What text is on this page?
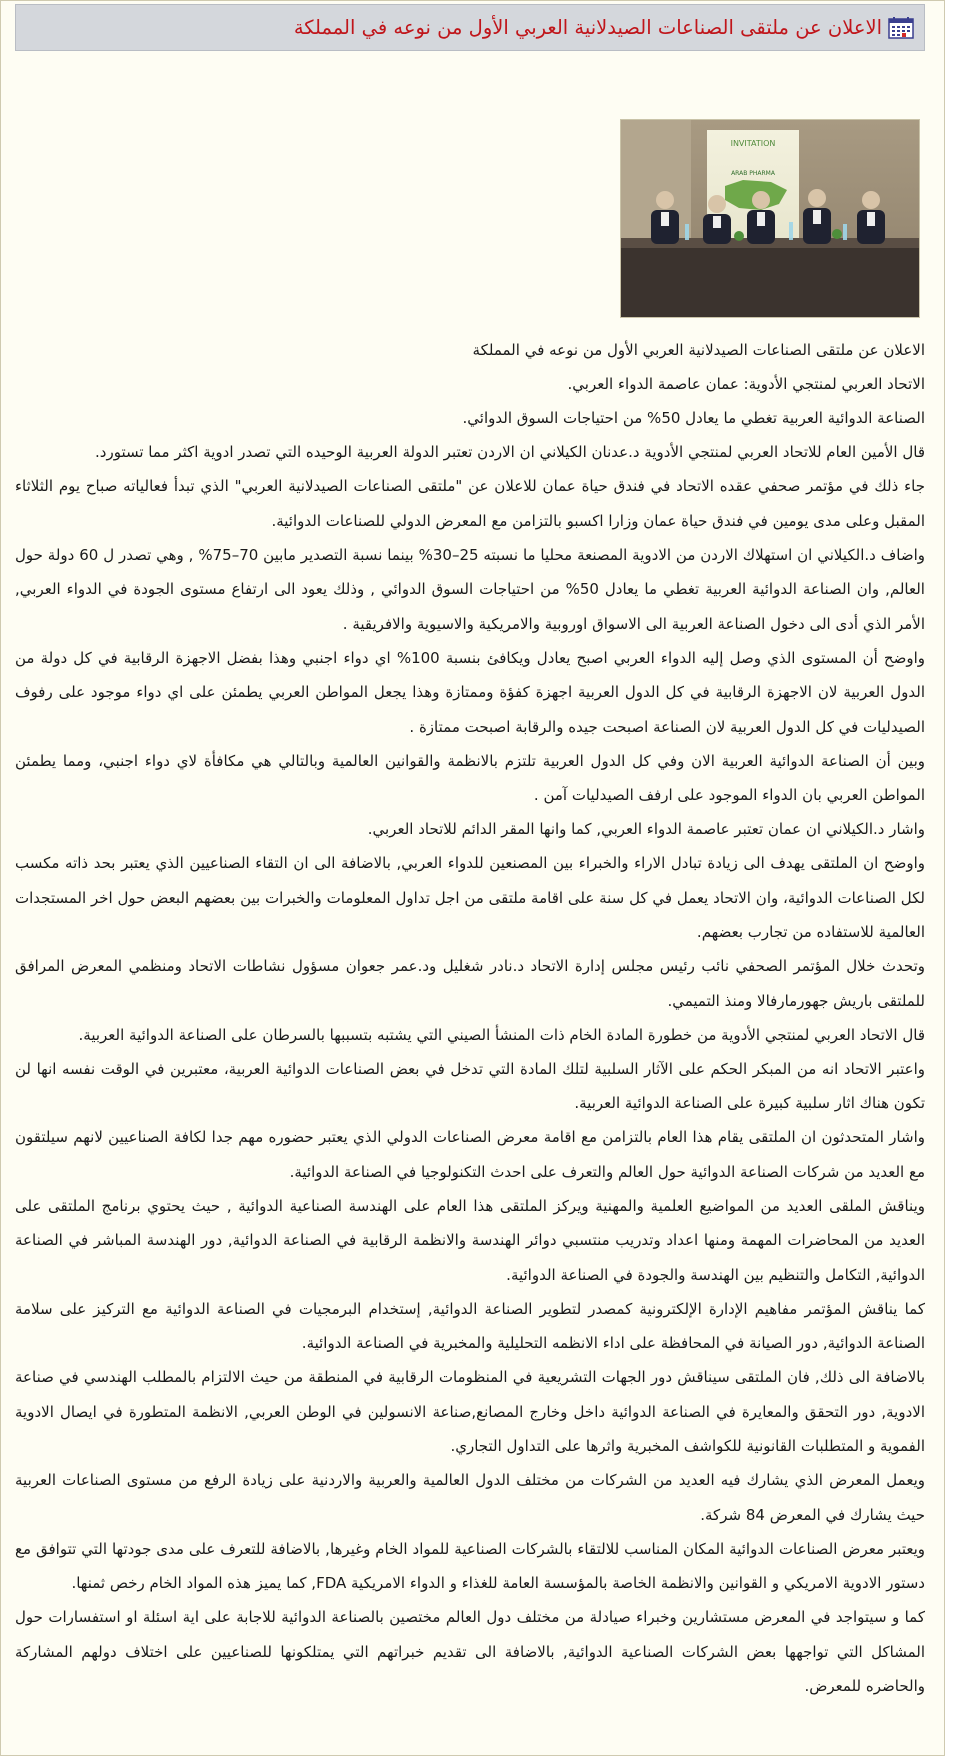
الاعلان عن ملتقى الصناعات الصيدلانية العربي الأول من نوعه في المملكة
INVITATION
ARAB PHARMA

الاعلان عن ملتقى الصناعات الصيدلانية العربي الأول من نوعه في المملكة

الاتحاد العربي لمنتجي الأدوية: عمان عاصمة الدواء العربي.

الصناعة الدوائية العربية تغطي ما يعادل 50% من احتياجات السوق الدوائي.

قال الأمين العام للاتحاد العربي لمنتجي الأدوية د.عدنان الكيلاني ان الاردن تعتبر الدولة العربية الوحيده التي تصدر ادوية اكثر مما تستورد.

جاء ذلك في مؤتمر صحفي عقده الاتحاد في فندق حياة عمان للاعلان عن "ملتقى الصناعات الصيدلانية العربي" الذي تبدأ فعالياته صباح يوم الثلاثاء المقبل وعلى مدى يومين في فندق حياة عمان وزارا اكسبو بالتزامن مع المعرض الدولي للصناعات الدوائية.

واضاف د.الكيلاني ان استهلاك الاردن من الادوية المصنعة محليا ما نسبته 25–30% بينما نسبة التصدير مابين 70–75% , وهي تصدر ل 60 دولة حول العالم, وان الصناعة الدوائية العربية تغطي ما يعادل 50% من احتياجات السوق الدوائي , وذلك يعود الى ارتفاع مستوى الجودة في الدواء العربي, الأمر الذي أدى الى دخول الصناعة العربية الى الاسواق اوروبية والامريكية والاسيوية والافريقية .

واوضح أن المستوى الذي وصل إليه الدواء العربي اصبح يعادل ويكافئ بنسبة 100% اي دواء اجنبي وهذا بفضل الاجهزة الرقابية في كل دولة من الدول العربية لان الاجهزة الرقابية في كل الدول العربية اجهزة كفؤة وممتازة وهذا يجعل المواطن العربي يطمئن على اي دواء موجود على رفوف الصيدليات في كل الدول العربية لان الصناعة اصبحت جيده والرقابة اصبحت ممتازة .

وبين أن الصناعة الدوائية العربية الان وفي كل الدول العربية تلتزم بالانظمة والقوانين العالمية وبالتالي هي مكافأة لاي دواء اجنبي، ومما يطمئن المواطن العربي بان الدواء الموجود على ارفف الصيدليات آمن .

واشار د.الكيلاني ان عمان تعتبر عاصمة الدواء العربي, كما وانها المقر الدائم للاتحاد العربي.

واوضح ان الملتقى يهدف الى زيادة تبادل الاراء والخبراء بين المصنعين للدواء العربي, بالاضافة الى ان التقاء الصناعيين الذي يعتبر بحد ذاته مكسب لكل الصناعات الدوائية، وان الاتحاد يعمل في كل سنة على اقامة ملتقى من اجل تداول المعلومات والخبرات بين بعضهم البعض حول اخر المستجدات العالمية للاستفاده من تجارب بعضهم.

وتحدث خلال المؤتمر الصحفي نائب رئيس مجلس إدارة الاتحاد د.نادر شغليل ود.عمر جعوان مسؤول نشاطات الاتحاد ومنظمي المعرض المرافق للملتقى باريش جهورمارفالا ومنذ التميمي.

قال الاتحاد العربي لمنتجي الأدوية من خطورة المادة الخام ذات المنشأ الصيني التي يشتبه بتسببها بالسرطان على الصناعة الدوائية العربية.

واعتبر الاتحاد انه من المبكر الحكم على الآثار السلبية لتلك المادة التي تدخل في بعض الصناعات الدوائية العربية، معتبرين في الوقت نفسه انها لن تكون هناك اثار سلبية كبيرة على الصناعة الدوائية العربية.

واشار المتحدثون ان الملتقى يقام هذا العام بالتزامن مع اقامة معرض الصناعات الدولي الذي يعتبر حضوره مهم جدا لكافة الصناعيين لانهم سيلتقون مع العديد من شركات الصناعة الدوائية حول العالم والتعرف على احدث التكنولوجيا في الصناعة الدوائية.

ويناقش الملقى العديد من المواضيع العلمية والمهنية ويركز الملتقى هذا العام على الهندسة الصناعية الدوائية , حيث يحتوي برنامج الملتقى على العديد من المحاضرات المهمة ومنها اعداد وتدريب منتسبي دوائر الهندسة والانظمة الرقابية في الصناعة الدوائية, دور الهندسة المباشر في الصناعة الدوائية, التكامل والتنظيم بين الهندسة والجودة في الصناعة الدوائية.

كما يناقش المؤتمر مفاهيم الإدارة الإلكترونية كمصدر لتطوير الصناعة الدوائية, إستخدام البرمجيات في الصناعة الدوائية مع التركيز على سلامة الصناعة الدوائية, دور الصيانة في المحافظة على اداء الانظمه التحليلية والمخبرية في الصناعة الدوائية.

بالاضافة الى ذلك, فان الملتقى سيناقش دور الجهات التشريعية في المنظومات الرقابية في المنطقة من حيث الالتزام بالمطلب الهندسي في صناعة الادوية, دور التحقق والمعايرة في الصناعة الدوائية داخل وخارج المصانع,صناعة الانسولين في الوطن العربي, الانظمة المتطورة في ايصال الادوية الفموية و المتطلبات القانونية للكواشف المخبرية واثرها على التداول التجاري.

ويعمل المعرض الذي يشارك فيه العديد من الشركات من مختلف الدول العالمية والعربية والاردنية على زيادة الرفع من مستوى الصناعات العربية حيث يشارك في المعرض 84 شركة.

ويعتبر معرض الصناعات الدوائية المكان المناسب للالتقاء بالشركات الصناعية للمواد الخام وغيرها, بالاضافة للتعرف على مدى جودتها التي تتوافق مع دستور الادوية الامريكي و القوانين والانظمة الخاصة بالمؤسسة العامة للغذاء و الدواء الامريكية FDA, كما يميز هذه المواد الخام رخص ثمنها.

كما و سيتواجد في المعرض مستشارين وخبراء صيادلة من مختلف دول العالم مختصين بالصناعة الدوائية للاجابة على اية اسئلة او استفسارات حول المشاكل التي تواجهها بعض الشركات الصناعية الدوائية, بالاضافة الى تقديم خبراتهم التي يمتلكونها للصناعيين على اختلاف دولهم المشاركة والحاضره للمعرض.
